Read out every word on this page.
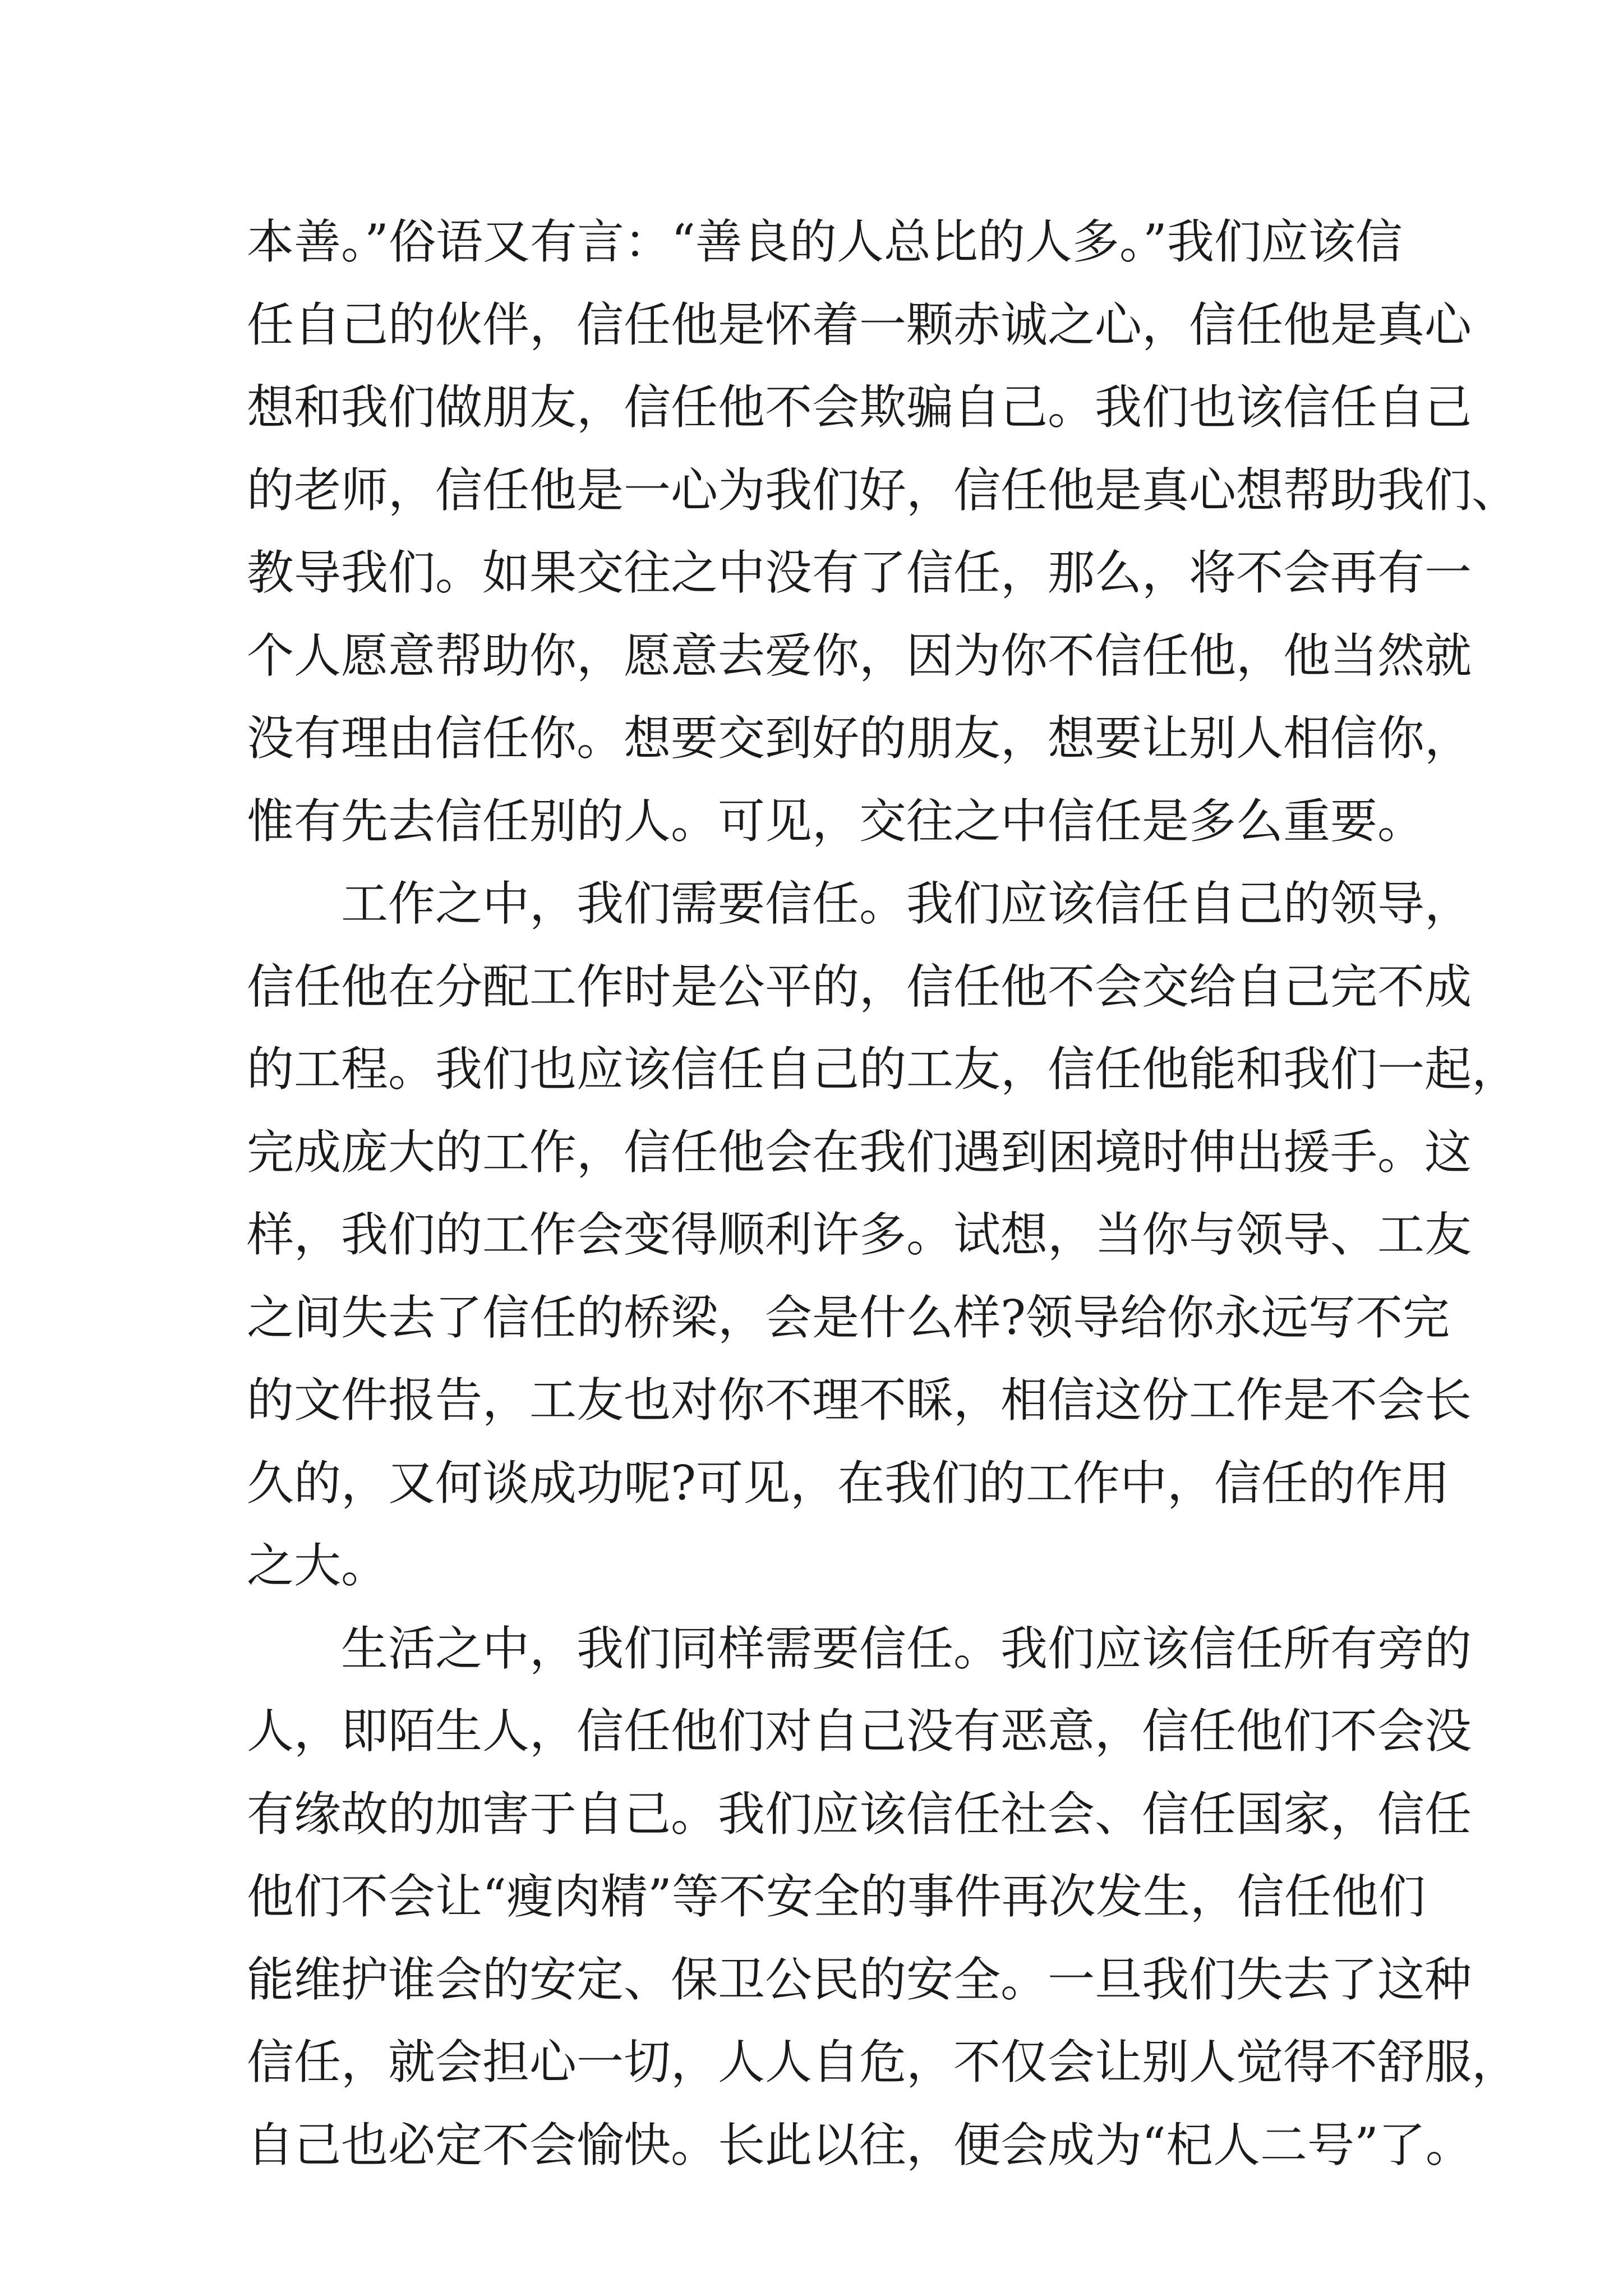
本善。”俗语又有言：“善良的人总比的人多。”我们应该信
任自己的伙伴，信任他是怀着一颗赤诚之心，信任他是真心
想和我们做朋友，信任他不会欺骗自己。我们也该信任自己
的老师，信任他是一心为我们好，信任他是真心想帮助我们、
教导我们。如果交往之中没有了信任，那么，将不会再有一
个人愿意帮助你，愿意去爱你，因为你不信任他，他当然就
没有理由信任你。想要交到好的朋友，想要让别人相信你，
惟有先去信任别的人。可见，交往之中信任是多么重要。
　　工作之中，我们需要信任。我们应该信任自己的领导，
信任他在分配工作时是公平的，信任他不会交给自己完不成
的工程。我们也应该信任自己的工友，信任他能和我们一起，
完成庞大的工作，信任他会在我们遇到困境时伸出援手。这
样，我们的工作会变得顺利许多。试想，当你与领导、工友
之间失去了信任的桥梁，会是什么样?领导给你永远写不完
的文件报告，工友也对你不理不睬，相信这份工作是不会长
久的，又何谈成功呢?可见，在我们的工作中，信任的作用
之大。
　　生活之中，我们同样需要信任。我们应该信任所有旁的
人，即陌生人，信任他们对自己没有恶意，信任他们不会没
有缘故的加害于自己。我们应该信任社会、信任国家，信任
他们不会让“瘦肉精”等不安全的事件再次发生，信任他们
能维护谁会的安定、保卫公民的安全。一旦我们失去了这种
信任，就会担心一切，人人自危，不仅会让别人觉得不舒服，
自己也必定不会愉快。长此以往，便会成为“杞人二号”了。
